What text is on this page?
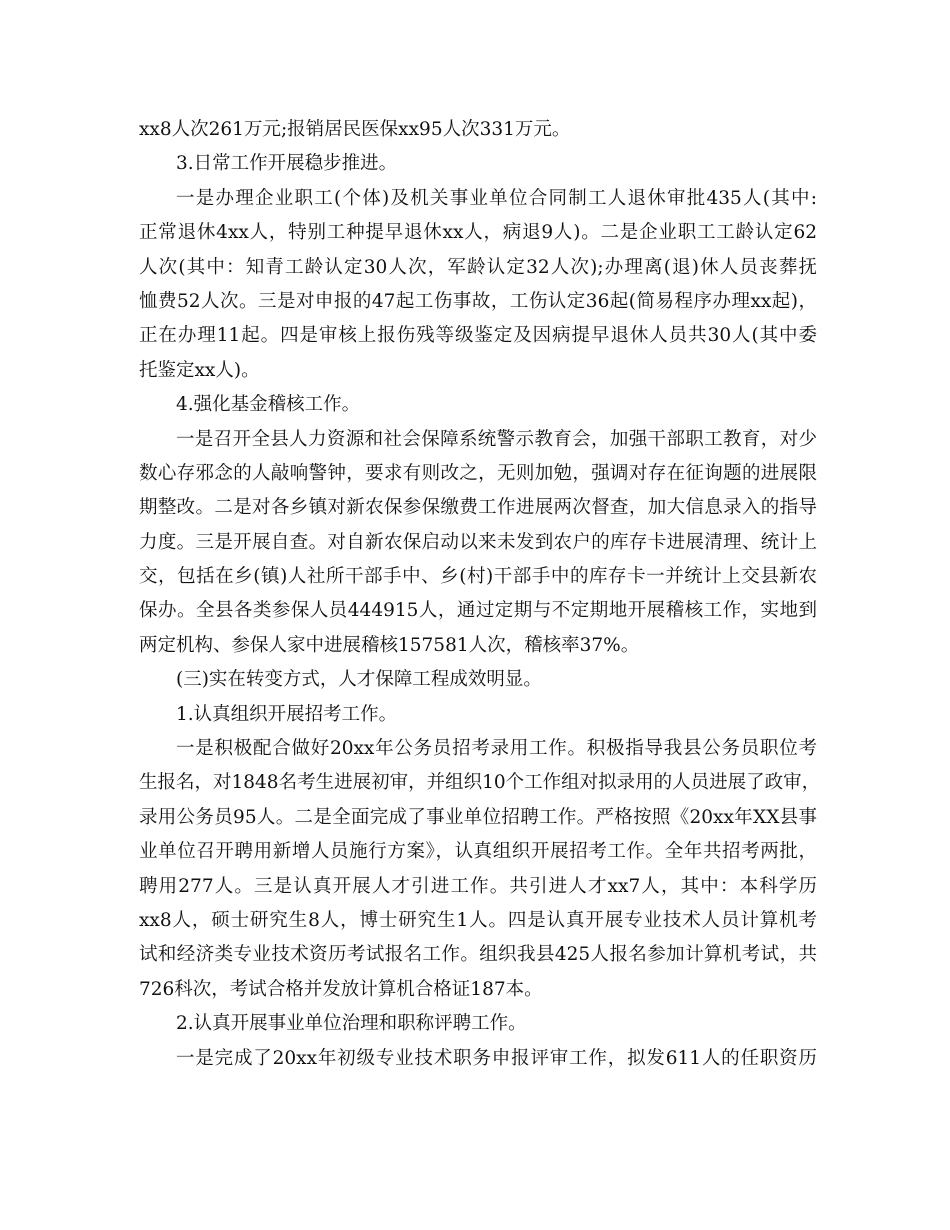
xx8人次261万元;报销居民医保xx95人次331万元。
3.日常工作开展稳步推进。
一是办理企业职工(个体)及机关事业单位合同制工人退休审批435人(其中:
正常退休4xx人，特别工种提早退休xx人，病退9人)。二是企业职工工龄认定62
人次(其中：知青工龄认定30人次，军龄认定32人次);办理离(退)休人员丧葬抚
恤费52人次。三是对申报的47起工伤事故，工伤认定36起(简易程序办理xx起)，
正在办理11起。四是审核上报伤残等级鉴定及因病提早退休人员共30人(其中委
托鉴定xx人)。
4.强化基金稽核工作。
一是召开全县人力资源和社会保障系统警示教育会，加强干部职工教育，对少
数心存邪念的人敲响警钟，要求有则改之，无则加勉，强调对存在征询题的进展限
期整改。二是对各乡镇对新农保参保缴费工作进展两次督查，加大信息录入的指导
力度。三是开展自查。对自新农保启动以来未发到农户的库存卡进展清理、统计上
交，包括在乡(镇)人社所干部手中、乡(村)干部手中的库存卡一并统计上交县新农
保办。全县各类参保人员444915人，通过定期与不定期地开展稽核工作，实地到
两定机构、参保人家中进展稽核157581人次，稽核率37%。
(三)实在转变方式，人才保障工程成效明显。
1.认真组织开展招考工作。
一是积极配合做好20xx年公务员招考录用工作。积极指导我县公务员职位考
生报名，对1848名考生进展初审，并组织10个工作组对拟录用的人员进展了政审，
录用公务员95人。二是全面完成了事业单位招聘工作。严格按照《20xx年XX县事
业单位召开聘用新增人员施行方案》，认真组织开展招考工作。全年共招考两批，
聘用277人。三是认真开展人才引进工作。共引进人才xx7人，其中：本科学历
xx8人，硕士研究生8人，博士研究生1人。四是认真开展专业技术人员计算机考
试和经济类专业技术资历考试报名工作。组织我县425人报名参加计算机考试，共
726科次，考试合格并发放计算机合格证187本。
2.认真开展事业单位治理和职称评聘工作。
一是完成了20xx年初级专业技术职务申报评审工作，拟发611人的任职资历
